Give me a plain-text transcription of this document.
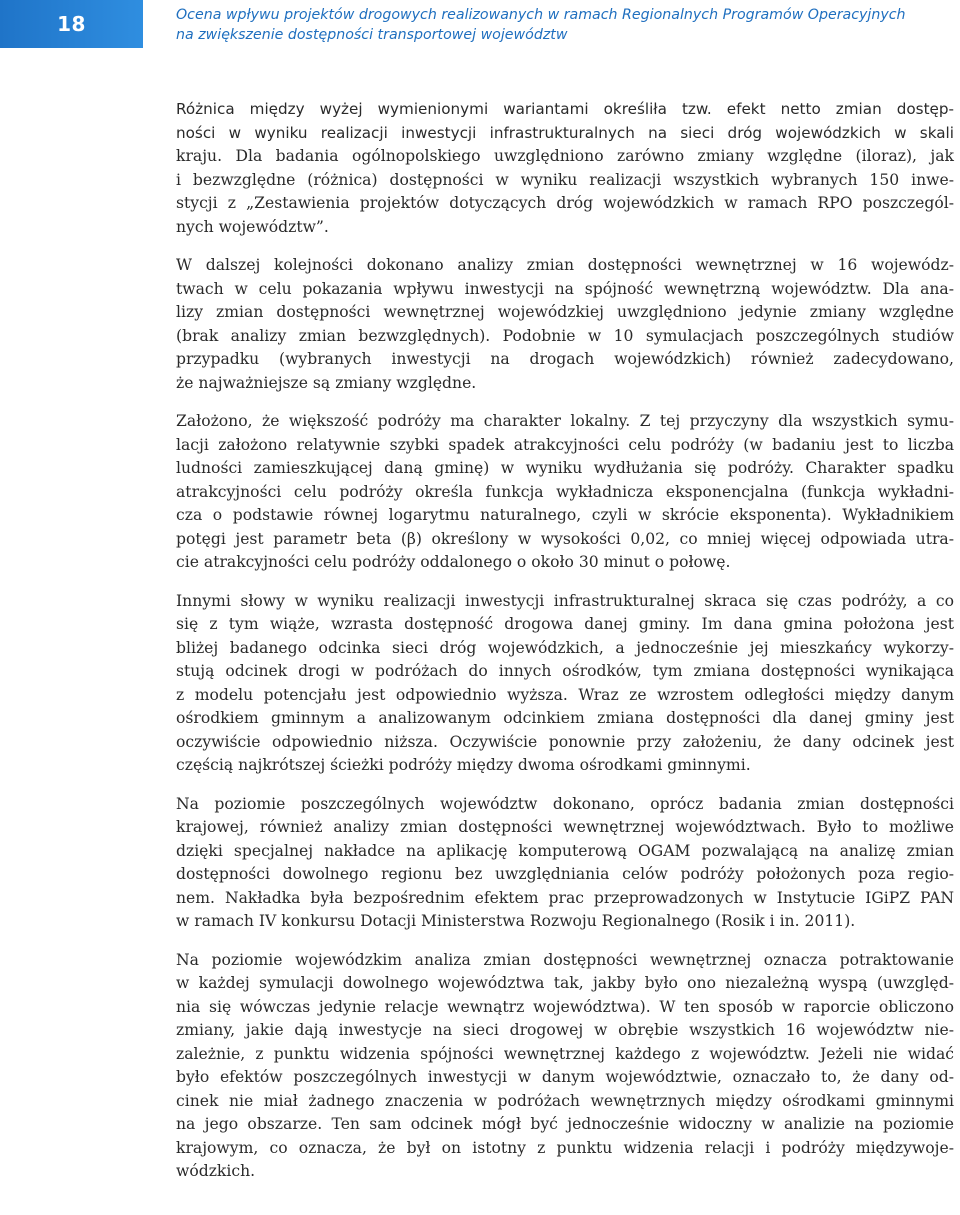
18	Ocena wpływu projektów drogowych realizowanych w ramach Regionalnych Programów Operacyjnych
na zwiększenie dostępności transportowej województw

Różnica między wyżej wymienionymi wariantami określiła tzw. efekt netto zmian dostęp-
ności w wyniku realizacji inwestycji infrastrukturalnych na sieci dróg wojewódzkich w skali
kraju. Dla badania ogólnopolskiego uwzględniono zarówno zmiany względne (iloraz), jak
i bezwzględne (różnica) dostępności w wyniku realizacji wszystkich wybranych 150 inwe-
stycji z „Zestawienia projektów dotyczących dróg wojewódzkich w ramach RPO poszczegól-
nych województw”.

W dalszej kolejności dokonano analizy zmian dostępności wewnętrznej w 16 wojewódz-
twach w celu pokazania wpływu inwestycji na spójność wewnętrzną województw. Dla ana-
lizy zmian dostępności wewnętrznej wojewódzkiej uwzględniono jedynie zmiany względne
(brak analizy zmian bezwzględnych). Podobnie w 10 symulacjach poszczególnych studiów
przypadku (wybranych inwestycji na drogach wojewódzkich) również zadecydowano,
że najważniejsze są zmiany względne.

Założono, że większość podróży ma charakter lokalny. Z tej przyczyny dla wszystkich symu-
lacji założono relatywnie szybki spadek atrakcyjności celu podróży (w badaniu jest to liczba
ludności zamieszkującej daną gminę) w wyniku wydłużania się podróży. Charakter spadku
atrakcyjności celu podróży określa funkcja wykładnicza eksponencjalna (funkcja wykładni-
cza o podstawie równej logarytmu naturalnego, czyli w skrócie eksponenta). Wykładnikiem
potęgi jest parametr beta (β) określony w wysokości 0,02, co mniej więcej odpowiada utra-
cie atrakcyjności celu podróży oddalonego o około 30 minut o połowę.

Innymi słowy w wyniku realizacji inwestycji infrastrukturalnej skraca się czas podróży, a co
się z tym wiąże, wzrasta dostępność drogowa danej gminy. Im dana gmina położona jest
bliżej badanego odcinka sieci dróg wojewódzkich, a jednocześnie jej mieszkańcy wykorzy-
stują odcinek drogi w podróżach do innych ośrodków, tym zmiana dostępności wynikająca
z modelu potencjału jest odpowiednio wyższa. Wraz ze wzrostem odległości między danym
ośrodkiem gminnym a analizowanym odcinkiem zmiana dostępności dla danej gminy jest
oczywiście odpowiednio niższa. Oczywiście ponownie przy założeniu, że dany odcinek jest
częścią najkrótszej ścieżki podróży między dwoma ośrodkami gminnymi.

Na poziomie poszczególnych województw dokonano, oprócz badania zmian dostępności
krajowej, również analizy zmian dostępności wewnętrznej województwach. Było to możliwe
dzięki specjalnej nakładce na aplikację komputerową OGAM pozwalającą na analizę zmian
dostępności dowolnego regionu bez uwzględniania celów podróży położonych poza regio-
nem. Nakładka była bezpośrednim efektem prac przeprowadzonych w Instytucie IGiPZ PAN
w ramach IV konkursu Dotacji Ministerstwa Rozwoju Regionalnego (Rosik i in. 2011).

Na poziomie wojewódzkim analiza zmian dostępności wewnętrznej oznacza potraktowanie
w każdej symulacji dowolnego województwa tak, jakby było ono niezależną wyspą (uwzględ-
nia się wówczas jedynie relacje wewnątrz województwa). W ten sposób w raporcie obliczono
zmiany, jakie dają inwestycje na sieci drogowej w obrębie wszystkich 16 województw nie-
zależnie, z punktu widzenia spójności wewnętrznej każdego z województw. Jeżeli nie widać
było efektów poszczególnych inwestycji w danym województwie, oznaczało to, że dany od-
cinek nie miał żadnego znaczenia w podróżach wewnętrznych między ośrodkami gminnymi
na jego obszarze. Ten sam odcinek mógł być jednocześnie widoczny w analizie na poziomie
krajowym, co oznacza, że był on istotny z punktu widzenia relacji i podróży międzywoje-
wódzkich.
